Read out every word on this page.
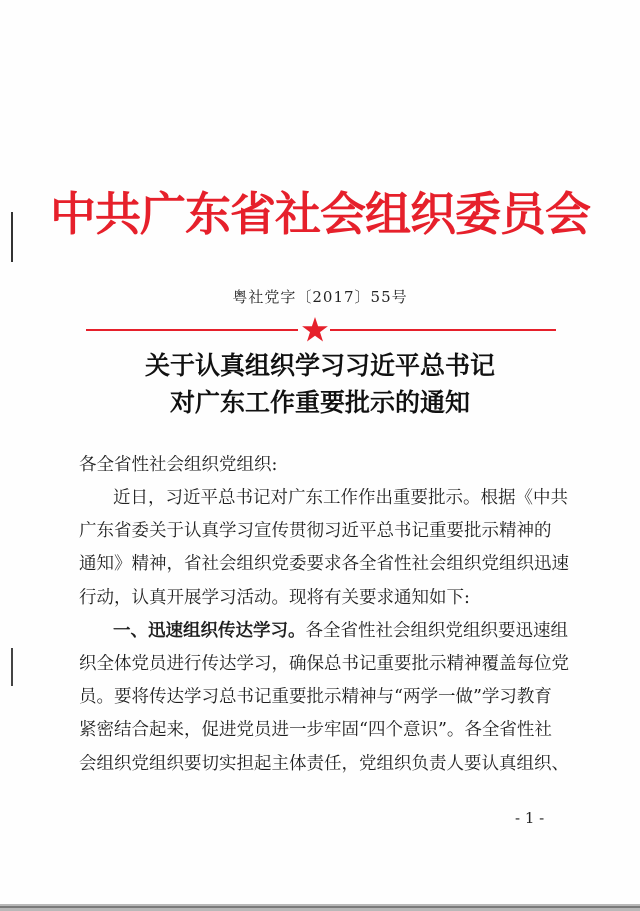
中共广东省社会组织委员会
粤社党字〔2017〕55号
关于认真组织学习习近平总书记
对广东工作重要批示的通知
各全省性社会组织党组织:
近日，习近平总书记对广东工作作出重要批示。根据《中共
广东省委关于认真学习宣传贯彻习近平总书记重要批示精神的
通知》精神，省社会组织党委要求各全省性社会组织党组织迅速
行动，认真开展学习活动。现将有关要求通知如下:
一、迅速组织传达学习。各全省性社会组织党组织要迅速组
织全体党员进行传达学习，确保总书记重要批示精神覆盖每位党
员。要将传达学习总书记重要批示精神与“两学一做”学习教育
紧密结合起来，促进党员进一步牢固“四个意识”。各全省性社
会组织党组织要切实担起主体责任，党组织负责人要认真组织、
- 1 -
